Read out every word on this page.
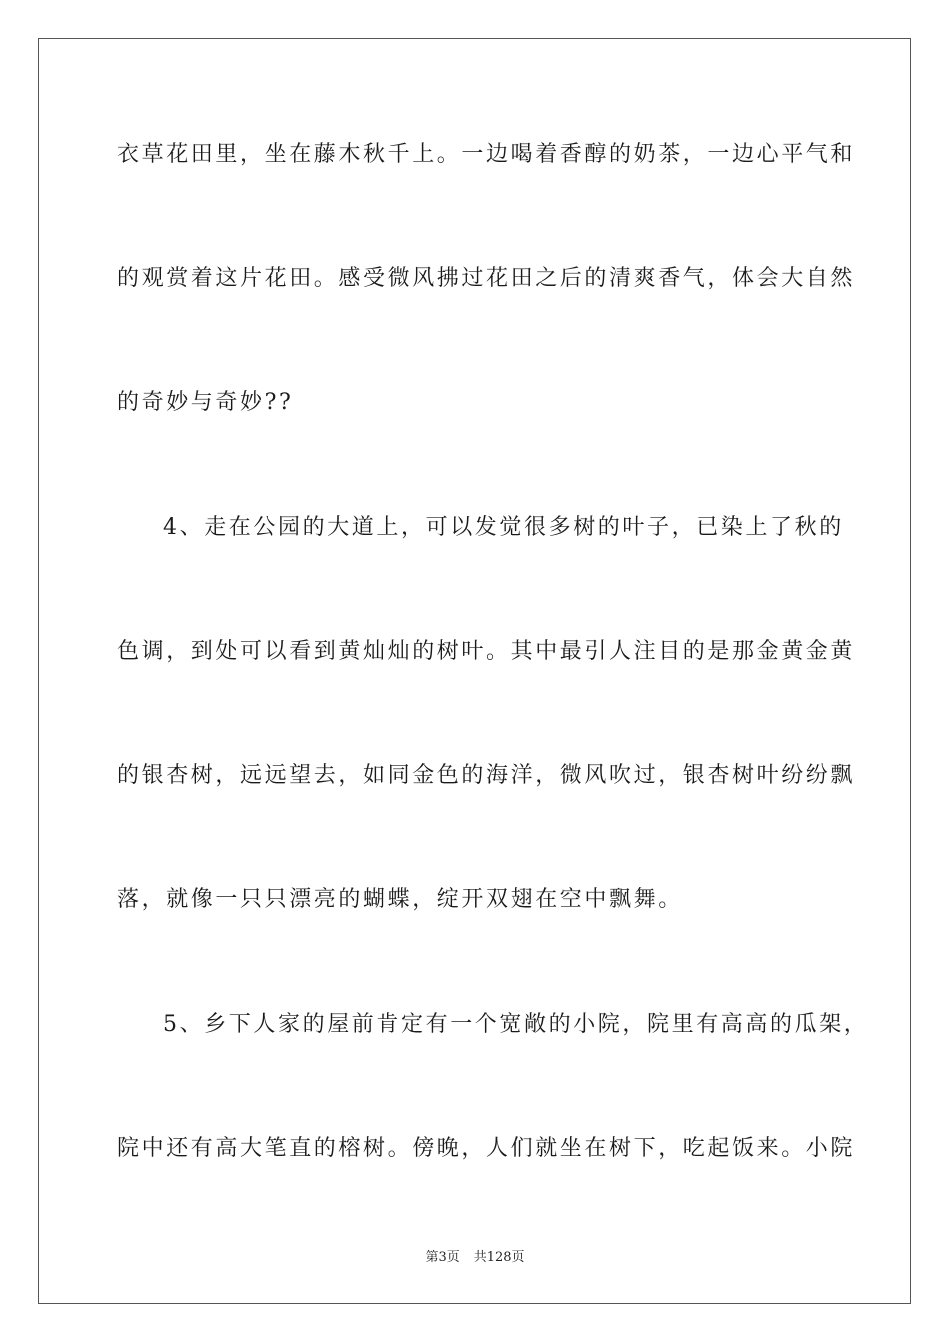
衣草花田里，坐在藤木秋千上。一边喝着香醇的奶茶，一边心平气和
的观赏着这片花田。感受微风拂过花田之后的清爽香气，体会大自然
的奇妙与奇妙??
4、走在公园的大道上，可以发觉很多树的叶子，已染上了秋的
色调，到处可以看到黄灿灿的树叶。其中最引人注目的是那金黄金黄
的银杏树，远远望去，如同金色的海洋，微风吹过，银杏树叶纷纷飘
落，就像一只只漂亮的蝴蝶，绽开双翅在空中飘舞。
5、乡下人家的屋前肯定有一个宽敞的小院，院里有高高的瓜架，
院中还有高大笔直的榕树。傍晚，人们就坐在树下，吃起饭来。小院
第3页 共128页
